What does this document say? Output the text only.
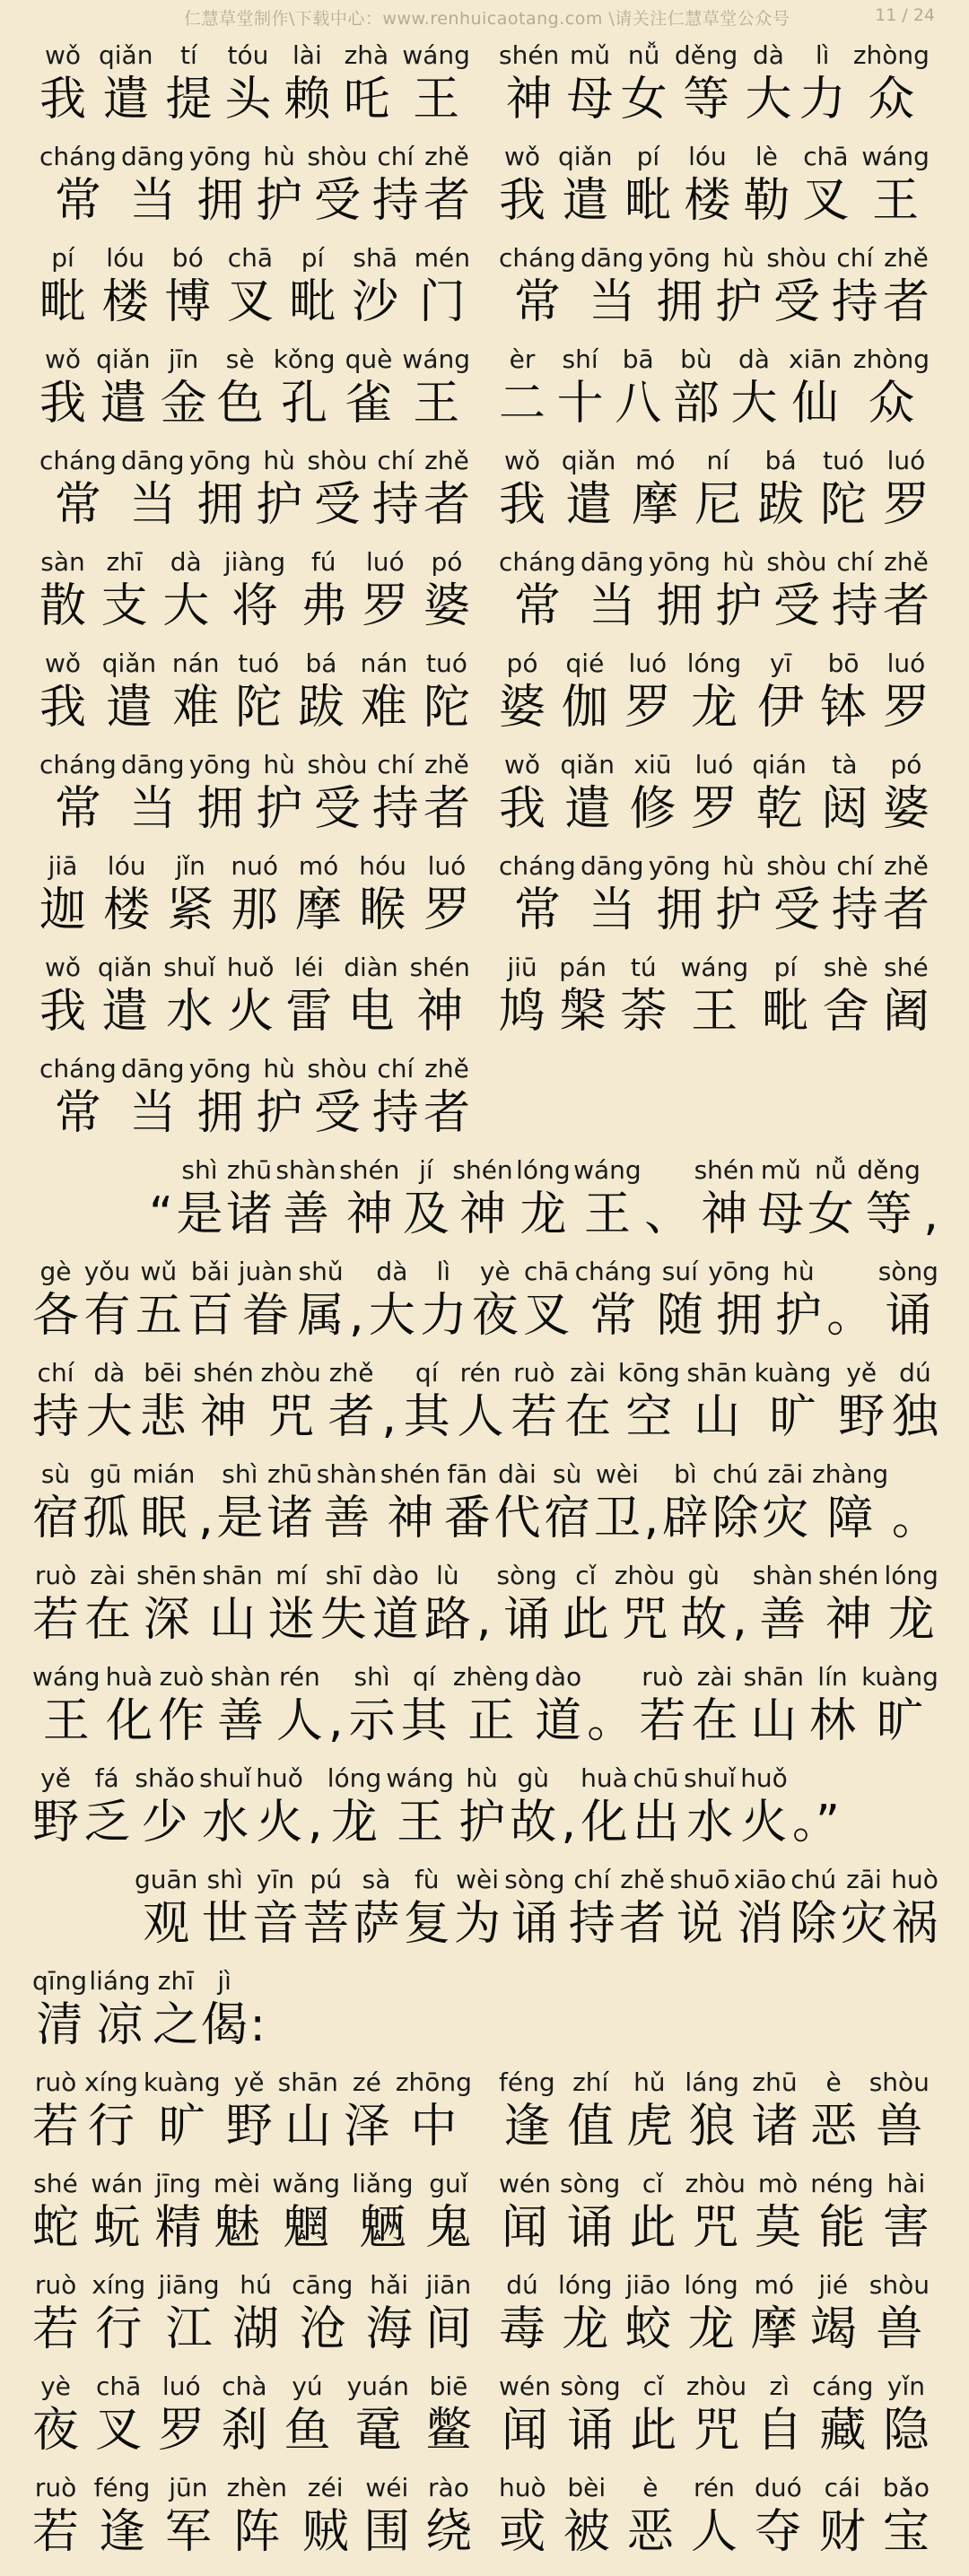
仁慧草堂制作\下载中心：www.renhuicaotang.com \请关注仁慧草堂公众号	11 / 24
wǒ
我
qiǎn
遣
tí
提
tóu
头
lài
赖
zhà
吒
wáng
王
shén
神
mǔ
母
nǚ
女
děng
等
dà
大
lì
力
zhòng
众
cháng
常
dāng
当
yōng
拥
hù
护
shòu
受
chí
持
zhě
者
wǒ
我
qiǎn
遣
pí
毗
lóu
楼
lè
勒
chā
叉
wáng
王
pí
毗
lóu
楼
bó
博
chā
叉
pí
毗
shā
沙
mén
门
cháng
常
dāng
当
yōng
拥
hù
护
shòu
受
chí
持
zhě
者
wǒ
我
qiǎn
遣
jīn
金
sè
色
kǒng
孔
què
雀
wáng
王
èr
二
shí
十
bā
八
bù
部
dà
大
xiān
仙
zhòng
众
cháng
常
dāng
当
yōng
拥
hù
护
shòu
受
chí
持
zhě
者
wǒ
我
qiǎn
遣
mó
摩
ní
尼
bá
跋
tuó
陀
luó
罗
sàn
散
zhī
支
dà
大
jiàng
将
fú
弗
luó
罗
pó
婆
cháng
常
dāng
当
yōng
拥
hù
护
shòu
受
chí
持
zhě
者
wǒ
我
qiǎn
遣
nán
难
tuó
陀
bá
跋
nán
难
tuó
陀
pó
婆
qié
伽
luó
罗
lóng
龙
yī
伊
bō
钵
luó
罗
cháng
常
dāng
当
yōng
拥
hù
护
shòu
受
chí
持
zhě
者
wǒ
我
qiǎn
遣
xiū
修
luó
罗
qián
乾
tà
闼
pó
婆
jiā
迦
lóu
楼
jǐn
紧
nuó
那
mó
摩
hóu
睺
luó
罗
cháng
常
dāng
当
yōng
拥
hù
护
shòu
受
chí
持
zhě
者
wǒ
我
qiǎn
遣
shuǐ
水
huǒ
火
léi
雷
diàn
电
shén
神
jiū
鸠
pán
槃
tú
荼
wáng
王
pí
毗
shè
舍
shé
阇
cháng
常
dāng
当
yōng
拥
hù
护
shòu
受
chí
持
zhě
者
“
shì
是
zhū
诸
shàn
善
shén
神
jí
及
shén
神
lóng
龙
wáng
王 、
shén
神
mǔ
母
nǚ
女
děng
等 ,
gè
各
yǒu
有
wǔ
五
bǎi
百
juàn
眷
shǔ
属 ,
dà
大
lì
力
yè
夜
chā
叉
cháng
常
suí
随
yōng
拥
hù
护 。
sòng
诵
chí
持
dà
大
bēi
悲
shén
神
zhòu
咒
zhě
者 ,
qí
其
rén
人
ruò
若
zài
在
kōng
空
shān
山
kuàng
旷
yě
野
dú
独
sù
宿
gū
孤
mián
眠 ,
shì
是
zhū
诸
shàn
善
shén
神
fān
番
dài
代
sù
宿
wèi
卫 ,
bì
辟
chú
除
zāi
灾
zhàng
障 。
ruò
若
zài
在
shēn
深
shān
山
mí
迷
shī
失
dào
道
lù
路 ,
sòng
诵
cǐ
此
zhòu
咒
gù
故 ,
shàn
善
shén
神
lóng
龙
wáng
王
huà
化
zuò
作
shàn
善
rén
人 ,
shì
示
qí
其
zhèng
正
dào
道 。
ruò
若
zài
在
shān
山
lín
林
kuàng
旷
yě
野
fá
乏
shǎo
少
shuǐ
水
huǒ
火 ,
lóng
龙
wáng
王
hù
护
gù
故 ,
huà
化
chū
出
shuǐ
水
huǒ
火 。”
guān
观
shì
世
yīn
音
pú
菩
sà
萨
fù
复
wèi
为
sòng
诵
chí
持
zhě
者
shuō
说
xiāo
消
chú
除
zāi
灾
huò
祸
qīng
清
liáng
凉
zhī
之
jì
偈 :
ruò
若
xíng
行
kuàng
旷
yě
野
shān
山
zé
泽
zhōng
中
féng
逢
zhí
值
hǔ
虎
láng
狼
zhū
诸
è
恶
shòu
兽
shé
蛇
wán
蚖
jīng
精
mèi
魅
wǎng
魍
liǎng
魉
guǐ
鬼
wén
闻
sòng
诵
cǐ
此
zhòu
咒
mò
莫
néng
能
hài
害
ruò
若
xíng
行
jiāng
江
hú
湖
cāng
沧
hǎi
海
jiān
间
dú
毒
lóng
龙
jiāo
蛟
lóng
龙
mó
摩
jié
竭
shòu
兽
yè
夜
chā
叉
luó
罗
chà
刹
yú
鱼
yuán
鼋
biē
鳖
wén
闻
sòng
诵
cǐ
此
zhòu
咒
zì
自
cáng
藏
yǐn
隐
ruò
若
féng
逢
jūn
军
zhèn
阵
zéi
贼
wéi
围
rào
绕
huò
或
bèi
被
è
恶
rén
人
duó
夺
cái
财
bǎo
宝
